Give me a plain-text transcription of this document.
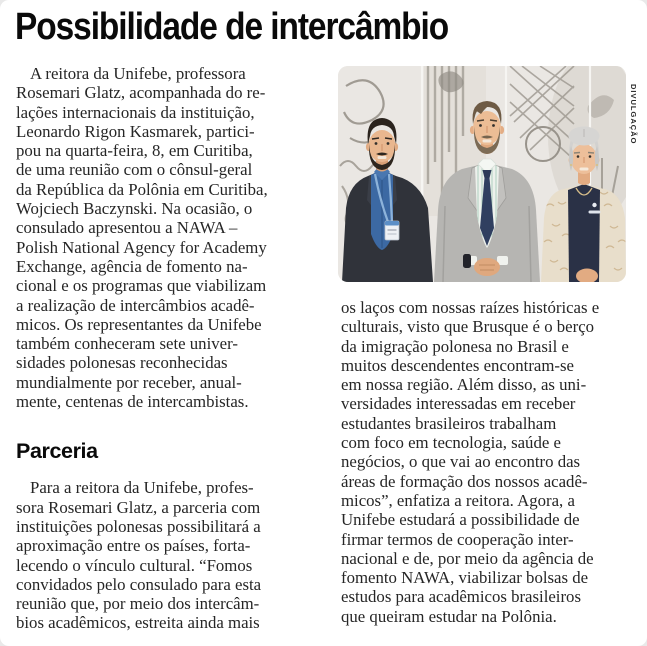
Possibilidade de intercâmbio
A reitora da Unifebe, professora
Rosemari Glatz, acompanhada do re-
lações internacionais da instituição,
Leonardo Rigon Kasmarek, partici-
pou na quarta-feira, 8, em Curitiba,
de uma reunião com o cônsul-geral
da República da Polônia em Curitiba,
Wojciech Baczynski. Na ocasião, o
consulado apresentou a NAWA –
Polish National Agency for Academy
Exchange, agência de fomento na-
cional e os programas que viabilizam
a realização de intercâmbios acadê-
micos. Os representantes da Unifebe
também conheceram sete univer-
sidades polonesas reconhecidas
mundialmente por receber, anual-
mente, centenas de intercambistas.
Parceria
Para a reitora da Unifebe, profes-
sora Rosemari Glatz, a parceria com
instituições polonesas possibilitará a
aproximação entre os países, forta-
lecendo o vínculo cultural. “Fomos
convidados pelo consulado para esta
reunião que, por meio dos intercâm-
bios acadêmicos, estreita ainda mais
DIVULGAÇÃO
os laços com nossas raízes históricas e
culturais, visto que Brusque é o berço
da imigração polonesa no Brasil e
muitos descendentes encontram-se
em nossa região. Além disso, as uni-
versidades interessadas em receber
estudantes brasileiros trabalham
com foco em tecnologia, saúde e
negócios, o que vai ao encontro das
áreas de formação dos nossos acadê-
micos”, enfatiza a reitora. Agora, a
Unifebe estudará a possibilidade de
firmar termos de cooperação inter-
nacional e de, por meio da agência de
fomento NAWA, viabilizar bolsas de
estudos para acadêmicos brasileiros
que queiram estudar na Polônia.
